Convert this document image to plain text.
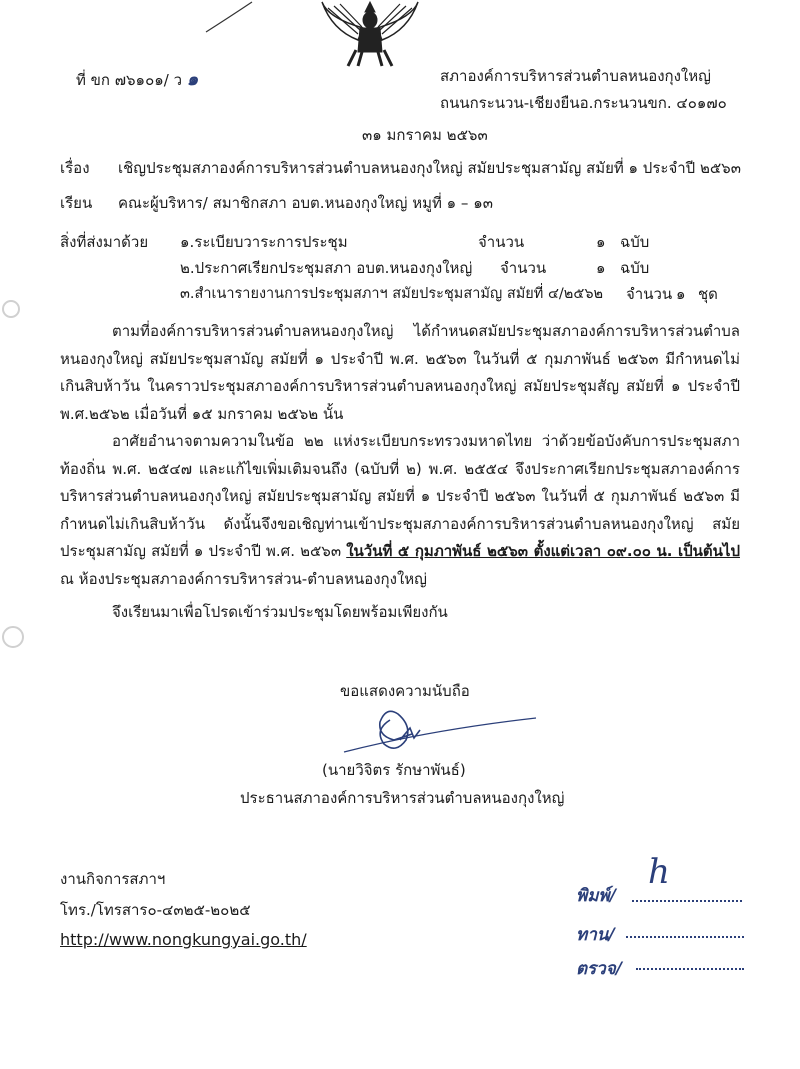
ที่ ขก ๗๖๑๐๑/ ว ๑	สภาองค์การบริหารส่วนตำบลหนองกุงใหญ่
ถนนกระนวน-เชียงยืนอ.กระนวนขก. ๔๐๑๗๐
๓๑ มกราคม ๒๕๖๓
เรื่อง เชิญประชุมสภาองค์การบริหารส่วนตำบลหนองกุงใหญ่ สมัยประชุมสามัญ สมัยที่ ๑ ประจำปี ๒๕๖๓
เรียน คณะผู้บริหาร/ สมาชิกสภา อบต.หนองกุงใหญ่ หมูที่ ๑ – ๑๓
สิ่งที่ส่งมาด้วย ๑.ระเบียบวาระการประชุม	จำนวน	๑ ฉบับ
๒.ประกาศเรียกประชุมสภา อบต.หนองกุงใหญ่ จำนวน	๑ ฉบับ
๓.สำเนารายงานการประชุมสภาฯ สมัยประชุมสามัญ สมัยที่ ๔/๒๕๖๒ จำนวน ๑ ชุด
ตามที่องค์การบริหารส่วนตำบลหนองกุงใหญ่ ได้กำหนดสมัยประชุมสภาองค์การบริหารส่วนตำบลหนองกุงใหญ่ สมัยประชุมสามัญ สมัยที่ ๑ ประจำปี พ.ศ. ๒๕๖๓ ในวันที่ ๕ กุมภาพันธ์ ๒๕๖๓ มีกำหนดไม่เกินสิบห้าวัน ในคราวประชุมสภาองค์การบริหารส่วนตำบลหนองกุงใหญ่ สมัยประชุมสัญ สมัยที่ ๑ ประจำปี พ.ศ.๒๕๖๒ เมื่อวันที่ ๑๕ มกราคม ๒๕๖๒ นั้น
อาศัยอำนาจตามความในข้อ ๒๒ แห่งระเบียบกระทรวงมหาดไทย ว่าด้วยข้อบังคับการประชุมสภาท้องถิ่น พ.ศ. ๒๕๔๗ และแก้ไขเพิ่มเติมจนถึง (ฉบับที่ ๒) พ.ศ. ๒๕๕๔ จึงประกาศเรียกประชุมสภาองค์การบริหารส่วนตำบลหนองกุงใหญ่ สมัยประชุมสามัญ สมัยที่ ๑ ประจำปี ๒๕๖๓ ในวันที่ ๕ กุมภาพันธ์ ๒๕๖๓ มีกำหนดไม่เกินสิบห้าวัน ดังนั้นจึงขอเชิญท่านเข้าประชุมสภาองค์การบริหารส่วนตำบลหนองกุงใหญ่ สมัยประชุมสามัญ สมัยที่ ๑ ประจำปี พ.ศ. ๒๕๖๓ ในวันที่ ๕ กุมภาพันธ์ ๒๕๖๓ ตั้งแต่เวลา ๐๙.๐๐ น. เป็นต้นไป ณ ห้องประชุมสภาองค์การบริหารส่วน-ตำบลหนองกุงใหญ่
จึงเรียนมาเพื่อโปรดเข้าร่วมประชุมโดยพร้อมเพียงกัน
ขอแสดงความนับถือ
(นายวิจิตร รักษาพันธ์)
ประธานสภาองค์การบริหารส่วนตำบลหนองกุงใหญ่
งานกิจการสภาฯ
โทร./โทรสาร๐-๔๓๒๕-๒๐๒๕
http://www.nongkungyai.go.th/
พิมพ์/
h
ทาน/
ตรวจ/
